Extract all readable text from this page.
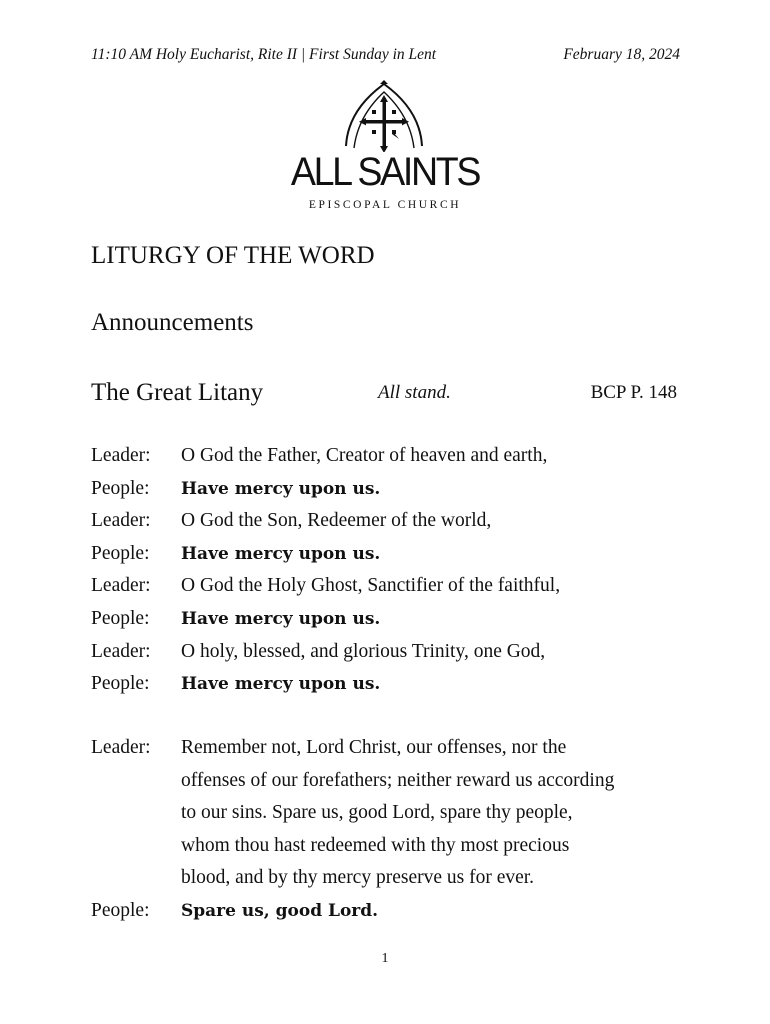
11:10 AM Holy Eucharist, Rite II | First Sunday in Lent	February 18, 2024
ALL SAINTS
EPISCOPAL CHURCH
LITURGY OF THE WORD
Announcements
The Great Litany	All stand.	BCP P. 148
Leader: O God the Father, Creator of heaven and earth,
People: Have mercy upon us.
Leader: O God the Son, Redeemer of the world,
People: Have mercy upon us.
Leader: O God the Holy Ghost, Sanctifier of the faithful,
People: Have mercy upon us.
Leader: O holy, blessed, and glorious Trinity, one God,
People: Have mercy upon us.
Leader: Remember not, Lord Christ, our offenses, nor the
offenses of our forefathers; neither reward us according
to our sins. Spare us, good Lord, spare thy people,
whom thou hast redeemed with thy most precious
blood, and by thy mercy preserve us for ever.
People: Spare us, good Lord.
1
